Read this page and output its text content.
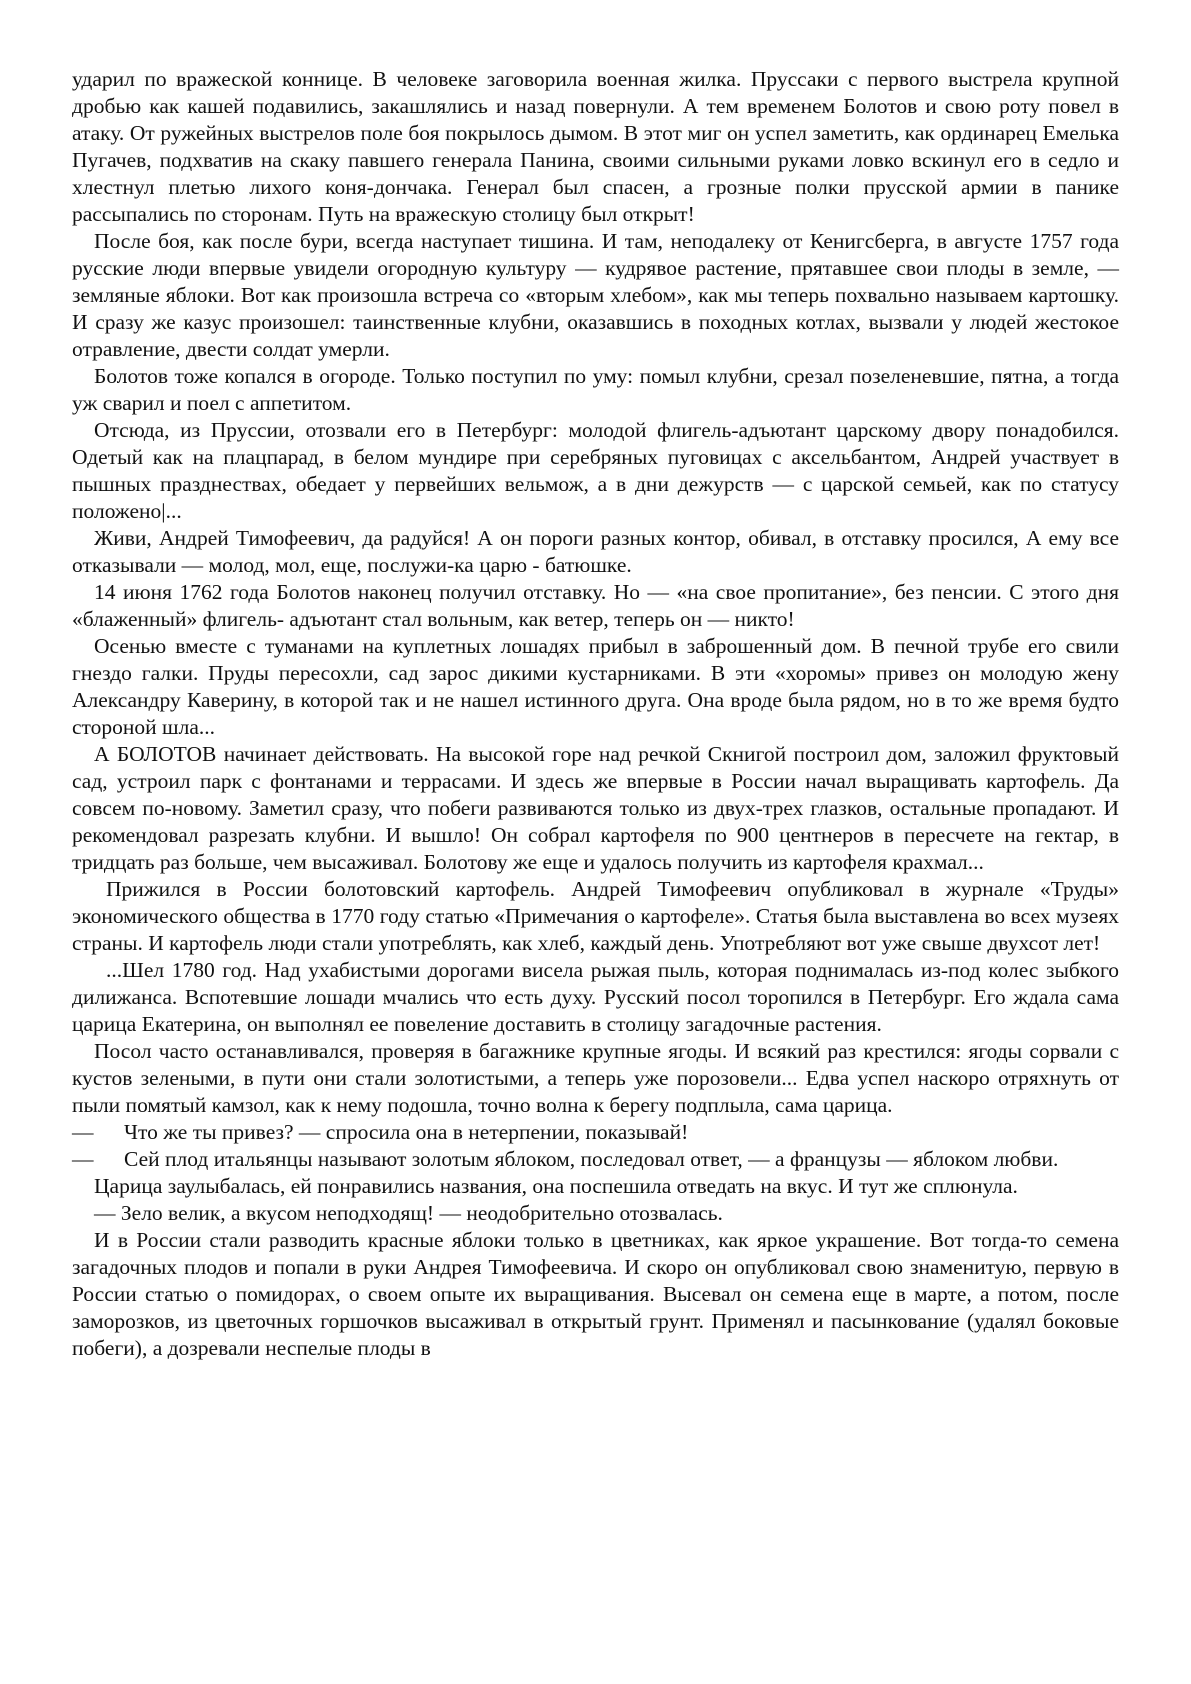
ударил по вражеской коннице. В человеке заговорила военная жилка. Пруссаки с первого выстрела крупной дробью как кашей подавились, закашлялись и назад повернули. А тем временем Болотов и свою роту повел в атаку. От ружейных выстрелов поле боя покрылось дымом. В этот миг он успел заметить, как ординарец Емелька Пугачев, подхватив на скаку павшего генерала Панина, своими сильными руками ловко вскинул его в седло и хлестнул плетью лихого коня-дончака. Генерал был спасен, а грозные полки прусской армии в панике рассыпались по сторонам. Путь на вражескую столицу был открыт!

После боя, как после бури, всегда наступает тишина. И там, неподалеку от Кенигсберга, в августе 1757 года русские люди впервые увидели огородную культуру — кудрявое растение, прятавшее свои плоды в земле, — земляные яблоки. Вот как произошла встреча со «вторым хлебом», как мы теперь похвально называем картошку. И сразу же казус произошел: таинственные клубни, оказавшись в походных котлах, вызвали у людей жестокое отравление, двести солдат умерли.

Болотов тоже копался в огороде. Только поступил по уму: помыл клубни, срезал позеленевшие, пятна, а тогда уж сварил и поел с аппетитом.

Отсюда, из Пруссии, отозвали его в Петербург: молодой флигель-адъютант царскому двору понадобился. Одетый как на плацпарад, в белом мундире при серебряных пуговицах с аксельбантом, Андрей участвует в пышных празднествах, обедает у первейших вельмож, а в дни дежурств — с царской семьей, как по статусу положено|...

Живи, Андрей Тимофеевич, да радуйся! А он пороги разных контор, обивал, в отставку просился, А ему все отказывали — молод, мол, еще, послужи-ка царю - батюшке.

14 июня 1762 года Болотов наконец получил отставку. Но — «на свое пропитание», без пенсии. С этого дня «блаженный» флигель- адъютант стал вольным, как ветер, теперь он — никто!

Осенью вместе с туманами на куплетных лошадях прибыл в заброшенный дом. В печной трубе его свили гнездо галки. Пруды пересохли, сад зарос дикими кустарниками. В эти «хоромы» привез он молодую жену Александру Каверину, в которой так и не нашел истинного друга. Она вроде была рядом, но в то же время будто стороной шла...

А БОЛОТОВ начинает действовать. На высокой горе над речкой Скнигой построил дом, заложил фруктовый сад, устроил парк с фонтанами и террасами. И здесь же впервые в России начал выращивать картофель. Да совсем по-новому. Заметил сразу, что побеги развиваются только из двух-трех глазков, остальные пропадают. И рекомендовал разрезать клубни. И вышло! Он собрал картофеля по 900 центнеров в пересчете на гектар, в тридцать раз больше, чем высаживал. Болотову же еще и удалось получить из картофеля крахмал...

Прижился в России болотовский картофель. Андрей Тимофеевич опубликовал в журнале «Труды» экономического общества в 1770 году статью «Примечания о картофеле». Статья была выставлена во всех музеях страны. И картофель люди стали употреблять, как хлеб, каждый день. Употребляют вот уже свыше двухсот лет!

...Шел 1780 год. Над ухабистыми дорогами висела рыжая пыль, которая поднималась из-под колес зыбкого дилижанса. Вспотевшие лошади мчались что есть духу. Русский посол торопился в Петербург. Его ждала сама царица Екатерина, он выполнял ее повеление доставить в столицу загадочные растения.

Посол часто останавливался, проверяя в багажнике крупные ягоды. И всякий раз крестился: ягоды сорвали с кустов зелеными, в пути они стали золотистыми, а теперь уже порозовели... Едва успел наскоро отряхнуть от пыли помятый камзол, как к нему подошла, точно волна к берегу подплыла, сама царица.

—	Что же ты привез? — спросила она в нетерпении, показывай!
—	Сей плод итальянцы называют золотым яблоком, последовал ответ, — а французы — яблоком любви.

Царица заулыбалась, ей понравились названия, она поспешила отведать на вкус. И тут же сплюнула.

— Зело велик, а вкусом неподходящ! — неодобрительно отозвалась.

И в России стали разводить красные яблоки только в цветниках, как яркое украшение. Вот тогда-то семена загадочных плодов и попали в руки Андрея Тимофеевича. И скоро он опубликовал свою знаменитую, первую в России статью о помидорах, о своем опыте их выращивания. Высевал он семена еще в марте, а потом, после заморозков, из цветочных горшочков высаживал в открытый грунт. Применял и пасынкование (удалял боковые побеги), а дозревали неспелые плоды в
